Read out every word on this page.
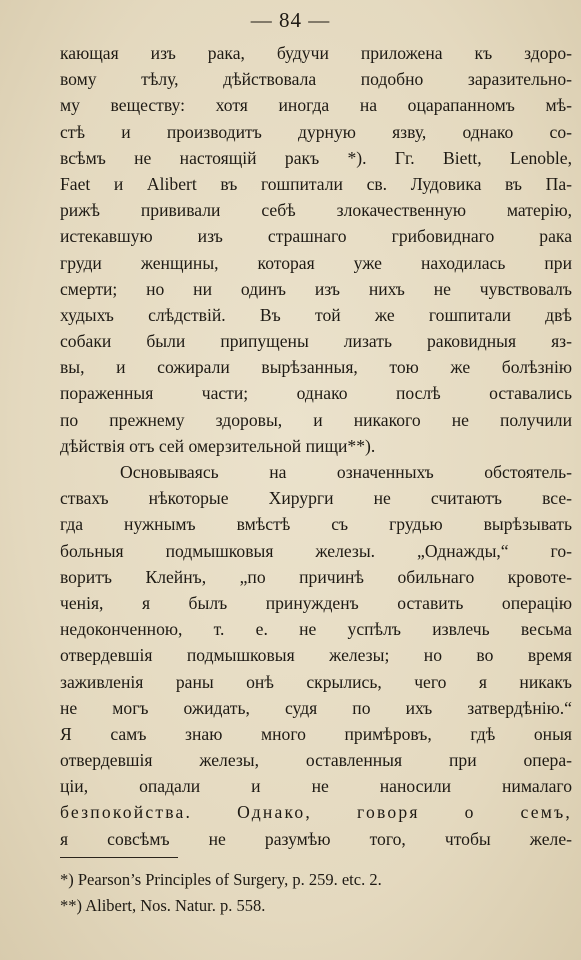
— 84 —
кающая изъ рака, будучи приложена къ здоро-
вому тѣлу, дѣйствовала подобно заразительно-
му веществу: хотя иногда на оцарапанномъ мѣ-
стѣ и производитъ дурную язву, однако со-
всѣмъ не настоящій ракъ *). Гг. Biett, Lenoble,
Faet и Alibert въ гошпитали св. Лудовика въ Па-
рижѣ прививали себѣ злокачественную матерію,
истекавшую изъ страшнаго грибовиднаго рака
груди женщины, которая уже находилась при
смерти; но ни одинъ изъ нихъ не чувствовалъ
худыхъ слѣдствій. Въ той же гошпитали двѣ
собаки были припущены лизать раковидныя яз-
вы, и сожирали вырѣзанныя, тою же болѣзнію
пораженныя части; однако послѣ оставались
по прежнему здоровы, и никакого не получили
дѣйствія отъ сей омерзительной пищи**).
Основываясь на означенныхъ обстоятель-
ствахъ нѣкоторые Хирурги не считаютъ все-
гда нужнымъ вмѣстѣ съ грудью вырѣзывать
больныя подмышковыя железы. „Однажды,“ го-
воритъ Клейнъ, „по причинѣ обильнаго кровоте-
ченія, я былъ принужденъ оставить операцію
недоконченною, т. е. не успѣлъ извлечь весьма
отвердевшія подмышковыя железы; но во время
заживленія раны онѣ скрылись, чего я никакъ
не могъ ожидать, судя по ихъ затвердѣнію.“
Я самъ знаю много примѣровъ, гдѣ оныя
отвердевшія железы, оставленныя при опера-
ціи, опадали и не наносили нималаго
безпокойства. Однако, говоря о семъ,
я совсѣмъ не разумѣю того, чтобы желе-
*) Pearson’s Principles of Surgery, p. 259. etc. 2.
**) Alibert, Nos. Natur. p. 558.
